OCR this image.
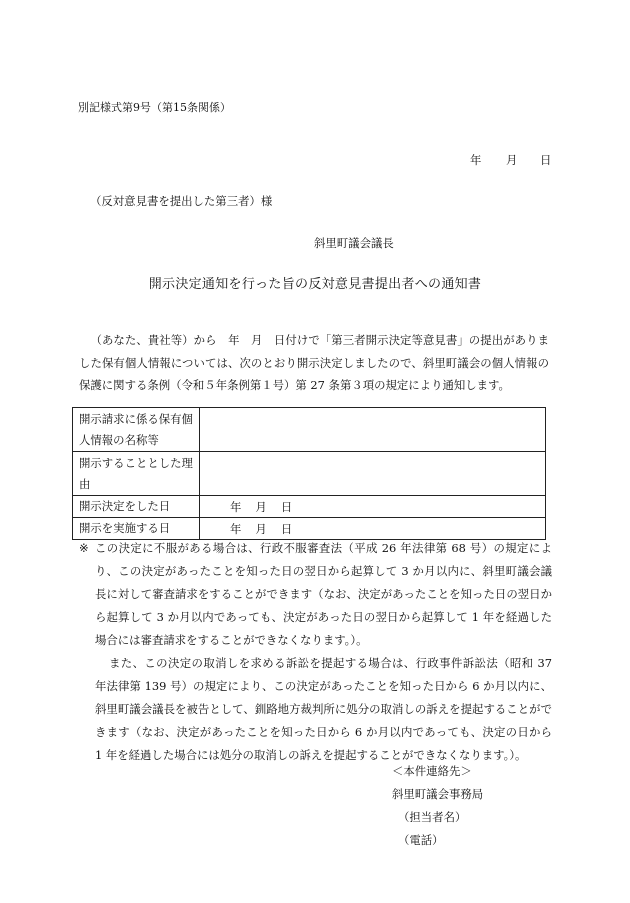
別記様式第9号（第15条関係）
年 月 日
（反対意見書を提出した第三者）様
斜里町議会議長
開示決定通知を行った旨の反対意見書提出者への通知書

（あなた、貴社等）から　年　月　日付けで「第三者開示決定等意見書」の提出がありました保有個人情報については、次のとおり開示決定しましたので、斜里町議会の個人情報の保護に関する条例（令和５年条例第１号）第 27 条第３項の規定により通知します。

開示請求に係る保有個人情報の名称等	
開示することとした理由	
開示決定をした日	年 月 日
開示を実施する日	年 月 日
※ この決定に不服がある場合は、行政不服審査法（平成 26 年法律第 68 号）の規定により、この決定があったことを知った日の翌日から起算して 3 か月以内に、斜里町議会議長に対して審査請求をすることができます（なお、決定があったことを知った日の翌日から起算して 3 か月以内であっても、決定があった日の翌日から起算して 1 年を経過した場合には審査請求をすることができなくなります。）。

また、この決定の取消しを求める訴訟を提起する場合は、行政事件訴訟法（昭和 37 年法律第 139 号）の規定により、この決定があったことを知った日から 6 か月以内に、斜里町議会議長を被告として、釧路地方裁判所に処分の取消しの訴えを提起することができます（なお、決定があったことを知った日から 6 か月以内であっても、決定の日から 1 年を経過した場合には処分の取消しの訴えを提起することができなくなります。）。

＜本件連絡先＞
斜里町議会事務局
（担当者名）
（電話）
